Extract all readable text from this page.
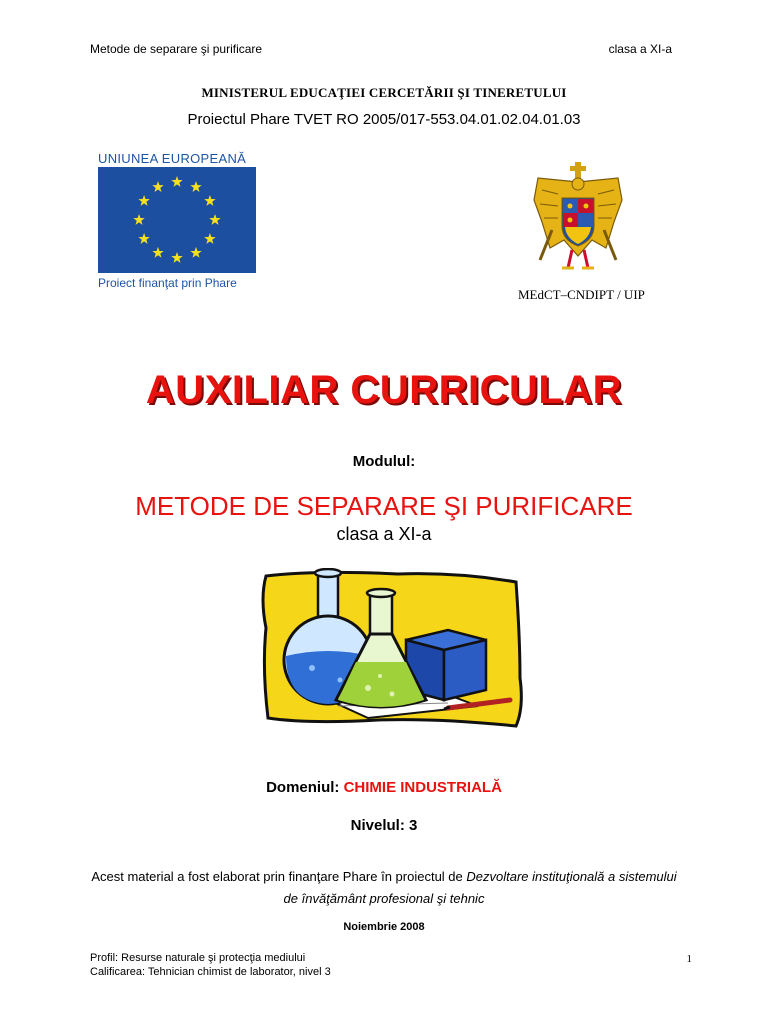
Metode de separare şi purificare	clasa a XI-a
MINISTERUL EDUCAŢIEI CERCETĂRII ŞI TINERETULUI
Proiectul Phare TVET RO 2005/017-553.04.01.02.04.01.03
UNIUNEA EUROPEANĂ
Proiect finanţat prin Phare
MEdCT–CNDIPT / UIP
AUXILIAR CURRICULAR
Modulul:
METODE DE SEPARARE ŞI PURIFICARE
clasa a XI-a
Domeniul: CHIMIE INDUSTRIALĂ
Nivelul: 3
Acest material a fost elaborat prin finanţare Phare în proiectul de Dezvoltare instituţională a sistemului de învăţământ profesional şi tehnic
Noiembrie 2008
Profil: Resurse naturale şi protecţia mediului
Calificarea: Tehnician chimist de laborator, nivel 3
1
